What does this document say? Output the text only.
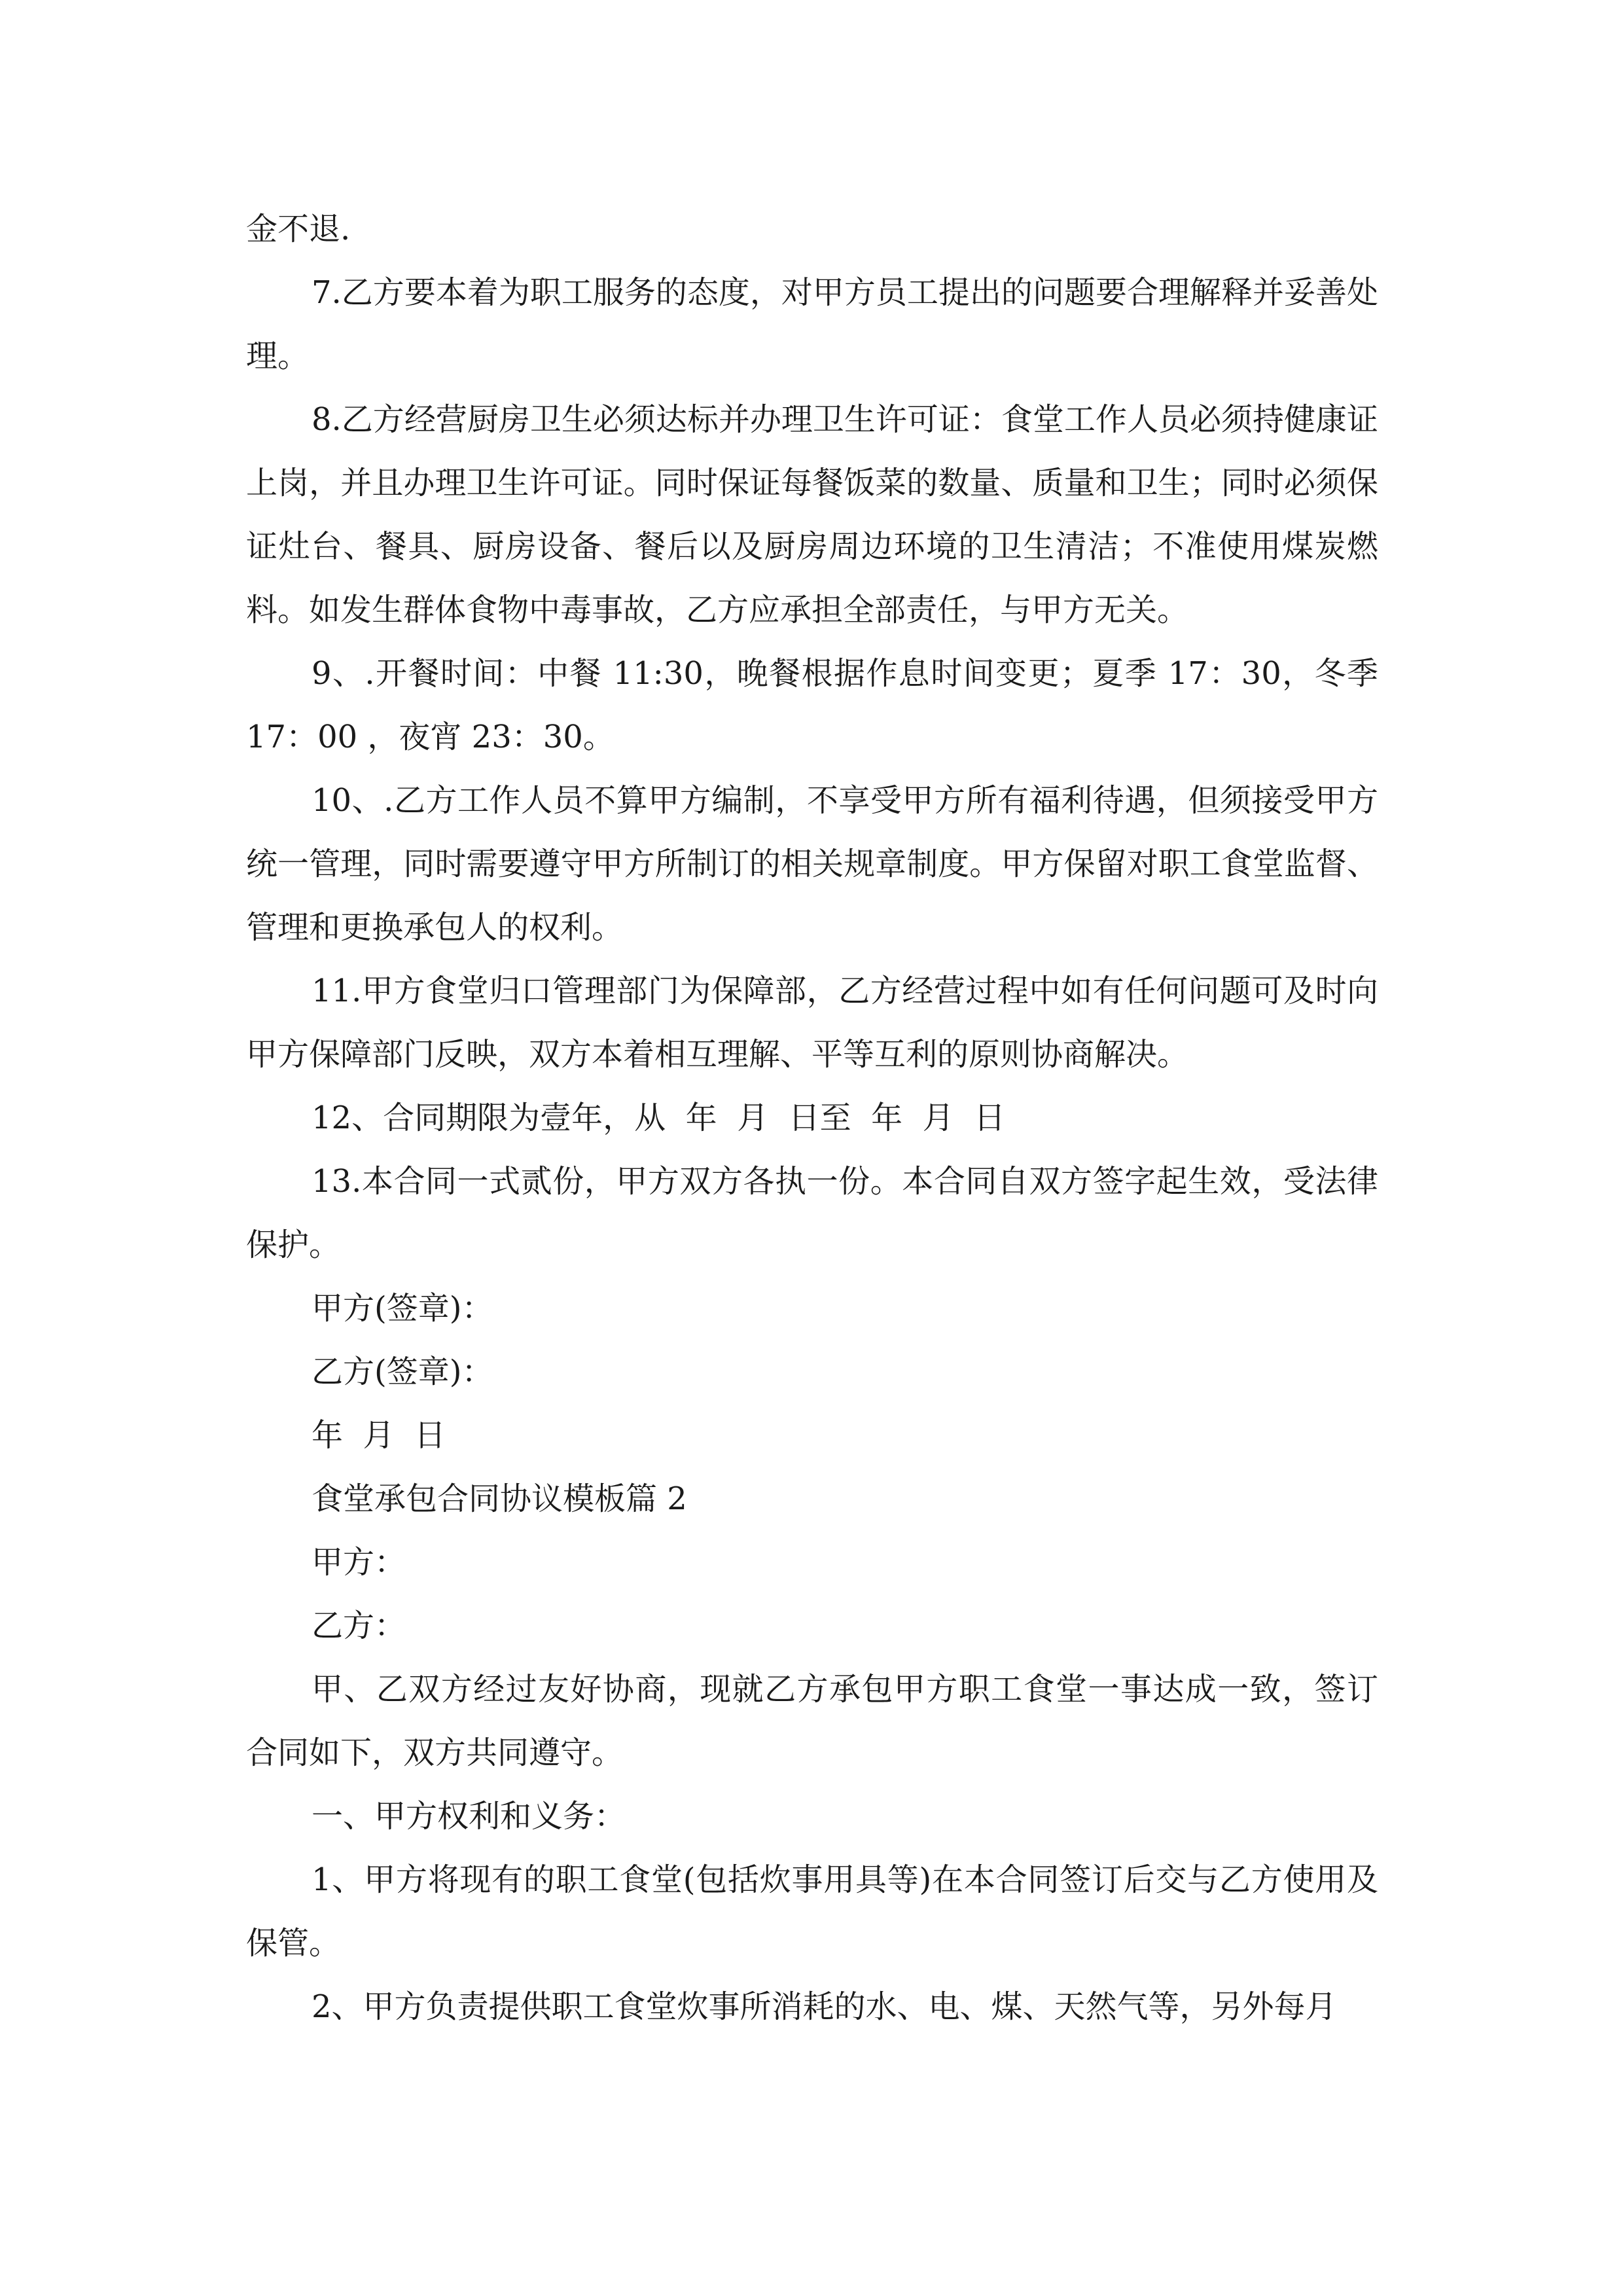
金不退.

7.乙方要本着为职工服务的态度，对甲方员工提出的问题要合理解释并妥善处理。

8.乙方经营厨房卫生必须达标并办理卫生许可证：食堂工作人员必须持健康证上岗，并且办理卫生许可证。同时保证每餐饭菜的数量、质量和卫生；同时必须保证灶台、餐具、厨房设备、餐后以及厨房周边环境的卫生清洁；不准使用煤炭燃料。如发生群体食物中毒事故，乙方应承担全部责任，与甲方无关。

9、.开餐时间：中餐 11:30，晚餐根据作息时间变更；夏季 17：30，冬季 17：00 ，夜宵 23：30。

10、.乙方工作人员不算甲方编制，不享受甲方所有福利待遇，但须接受甲方统一管理，同时需要遵守甲方所制订的相关规章制度。甲方保留对职工食堂监督、管理和更换承包人的权利。

11.甲方食堂归口管理部门为保障部，乙方经营过程中如有任何问题可及时向甲方保障部门反映，双方本着相互理解、平等互利的原则协商解决。

12、合同期限为壹年，从  年  月  日至  年  月  日

13.本合同一式贰份，甲方双方各执一份。本合同自双方签字起生效，受法律保护。

甲方(签章)：

乙方(签章)：

年  月  日

食堂承包合同协议模板篇 2

甲方：

乙方：

甲、乙双方经过友好协商，现就乙方承包甲方职工食堂一事达成一致，签订合同如下，双方共同遵守。

一、甲方权利和义务：

1、甲方将现有的职工食堂(包括炊事用具等)在本合同签订后交与乙方使用及保管。

2、甲方负责提供职工食堂炊事所消耗的水、电、煤、天然气等，另外每月
